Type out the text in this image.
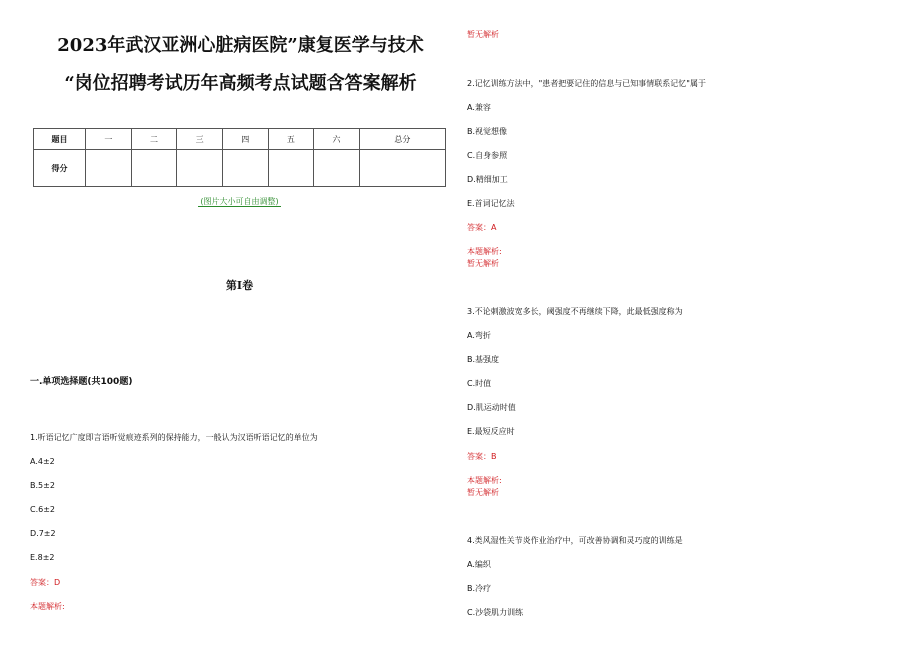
2023年武汉亚洲心脏病医院”康复医学与技术
“岗位招聘考试历年高频考点试题含答案解析
题目	一	二	三	四	五	六	总分
得分							
(图片大小可自由调整)
第I卷
一.单项选择题(共100题)
1.听语记忆广度即言语听觉痕迹系列的保持能力，一般认为汉语听语记忆的单位为
A.4±2
B.5±2
C.6±2
D.7±2
E.8±2
答案：D
本题解析:
暂无解析
2.记忆训练方法中，"患者把要记住的信息与已知事情联系记忆"属于
A.兼容
B.视觉想像
C.自身参照
D.精细加工
E.首词记忆法
答案：A
本题解析:
暂无解析
3.不论刺激波宽多长，阈强度不再继续下降，此最低强度称为
A.弯折
B.基强度
C.时值
D.肌运动时值
E.最短反应时
答案：B
本题解析:
暂无解析
4.类风湿性关节炎作业治疗中，可改善协调和灵巧度的训练是
A.编织
B.冷疗
C.沙袋肌力训练
